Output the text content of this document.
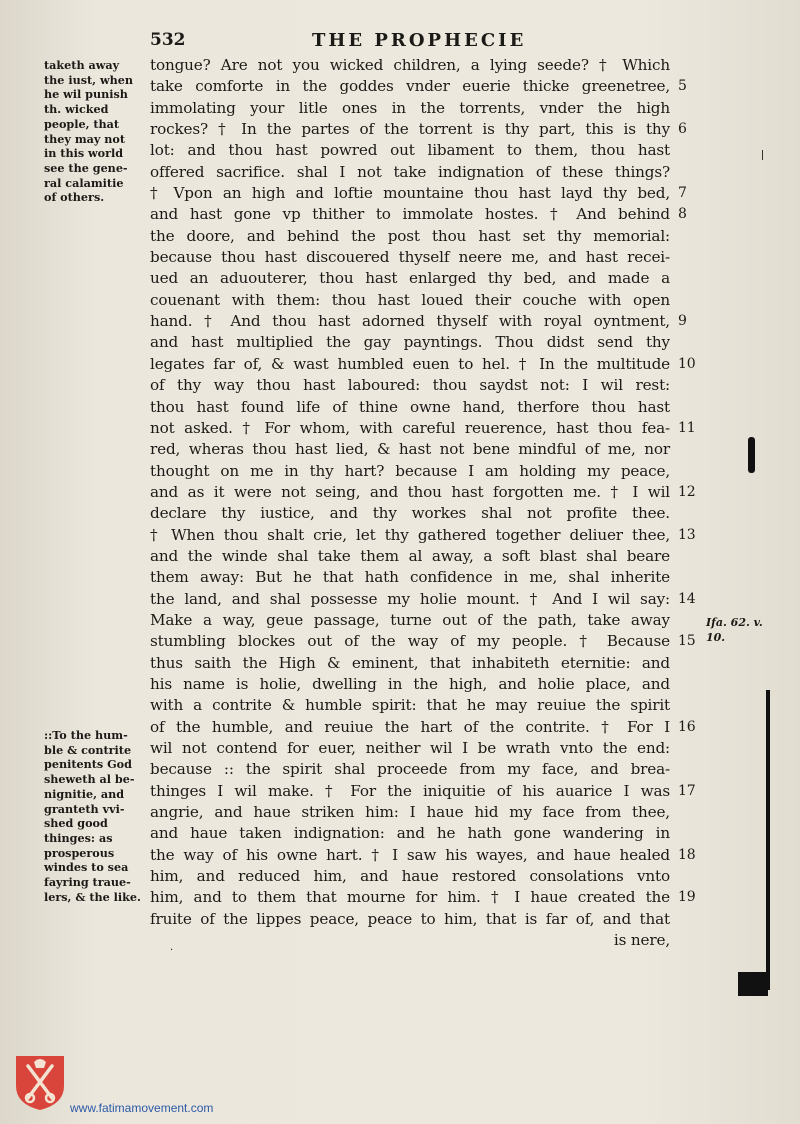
532	THE PROPHECIE
taketh away
the iust, when
he wil punish
th. wicked
people, that
they may not
in this world
see the gene-
ral calamitie
of others.
tongue? Are not you wicked children, a lying seede? † Which
take comforte in the goddes vnder euerie thicke greenetree, 5
immolating your litle ones in the torrents, vnder the high
rockes? † In the partes of the torrent is thy part, this is thy 6
lot: and thou hast powred out libament to them, thou hast
offered sacrifice. shal I not take indignation of these things?
† Vpon an high and loftie mountaine thou hast layd thy bed, 7
and hast gone vp thither to immolate hostes. † And behind 8
the doore, and behind the post thou hast set thy memorial:
because thou hast discouered thyself neere me, and hast recei-
ued an aduouterer, thou hast enlarged thy bed, and made a
couenant with them: thou hast loued their couche with open
hand. † And thou hast adorned thyself with royal oyntment, 9
and hast multiplied the gay payntings. Thou didst send thy
legates far of, & wast humbled euen to hel. † In the multitude 10
of thy way thou hast laboured: thou saydst not: I wil rest:
thou hast found life of thine owne hand, therfore thou hast
not asked. † For whom, with careful reuerence, hast thou fea- 11
red, wheras thou hast lied, & hast not bene mindful of me, nor
thought on me in thy hart? because I am holding my peace,
and as it were not seing, and thou hast forgotten me. † I wil 12
declare thy iustice, and thy workes shal not profite thee.
† When thou shalt crie, let thy gathered together deliuer thee, 13
and the winde shal take them al away, a soft blast shal beare
them away: But he that hath confidence in me, shal inherite
the land, and shal possesse my holie mount. † And I wil say: 14
Make a way, geue passage, turne out of the path, take away
stumbling blockes out of the way of my people. † Because 15
thus saith the High & eminent, that inhabiteth eternitie: and
his name is holie, dwelling in the high, and holie place, and
with a contrite & humble spirit: that he may reuiue the spirit
of the humble, and reuiue the hart of the contrite. † For I 16
wil not contend for euer, neither wil I be wrath vnto the end:
because :: the spirit shal proceede from my face, and brea-
thinges I wil make. † For the iniquitie of his auarice I was 17
angrie, and haue striken him: I haue hid my face from thee,
and haue taken indignation: and he hath gone wandering in
the way of his owne hart. † I saw his wayes, and haue healed 18
him, and reduced him, and haue restored consolations vnto
him, and to them that mourne for him. † I haue created the 19
fruite of the lippes peace, peace to him, that is far of, and that
is nere,
::To the hum-
ble & contrite
penitents God
sheweth al be-
nignitie, and
granteth vvi-
shed good
thinges: as
prosperous
windes to sea
fayring traue-
lers, & the like.
Ifa. 62. v.
10.
·
www.fatimamovement.com
